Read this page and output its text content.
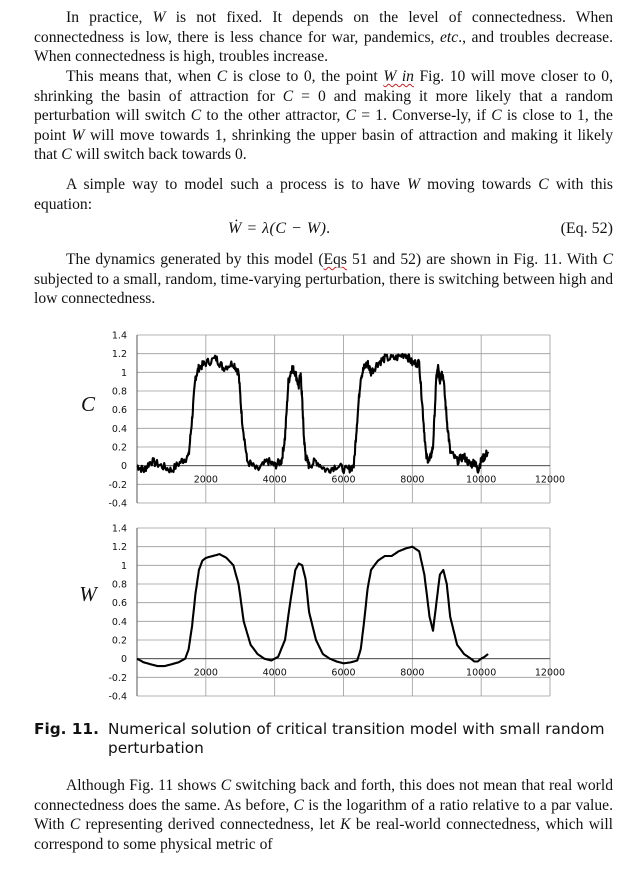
In practice, W is not fixed. It depends on the level of connectedness. When connectedness is low, there is less chance for war, pandemics, etc., and troubles decrease. When connectedness is high, troubles increase.

This means that, when C is close to 0, the point W in Fig. 10 will move closer to 0, shrinking the basin of attraction for C = 0 and making it more likely that a random perturbation will switch C to the other attractor, C = 1. Converse-ly, if C is close to 1, the point W will move towards 1, shrinking the upper basin of attraction and making it likely that C will switch back towards 0.

A simple way to model such a process is to have W moving towards C with this equation:

Ẇ = λ(C − W).	(Eq. 52)

The dynamics generated by this model (Eqs 51 and 52) are shown in Fig. 11. With C subjected to a small, random, time-varying perturbation, there is switching between high and low connectedness.

1.4
1.2
1
0.8
0.6
0.4
0.2
0
-0.2
-0.4
2000	4000	6000	8000	10000	12000
C
1.4
1.2
1
0.8
0.6
0.4
0.2
0
-0.2
-0.4
2000	4000	6000	8000	10000	12000
W
Fig. 11. Numerical solution of critical transition model with small random perturbation

Although Fig. 11 shows C switching back and forth, this does not mean that real world connectedness does the same. As before, C is the logarithm of a ratio relative to a par value. With C representing derived connectedness, let K be real-world connectedness, which will correspond to some physical metric of
